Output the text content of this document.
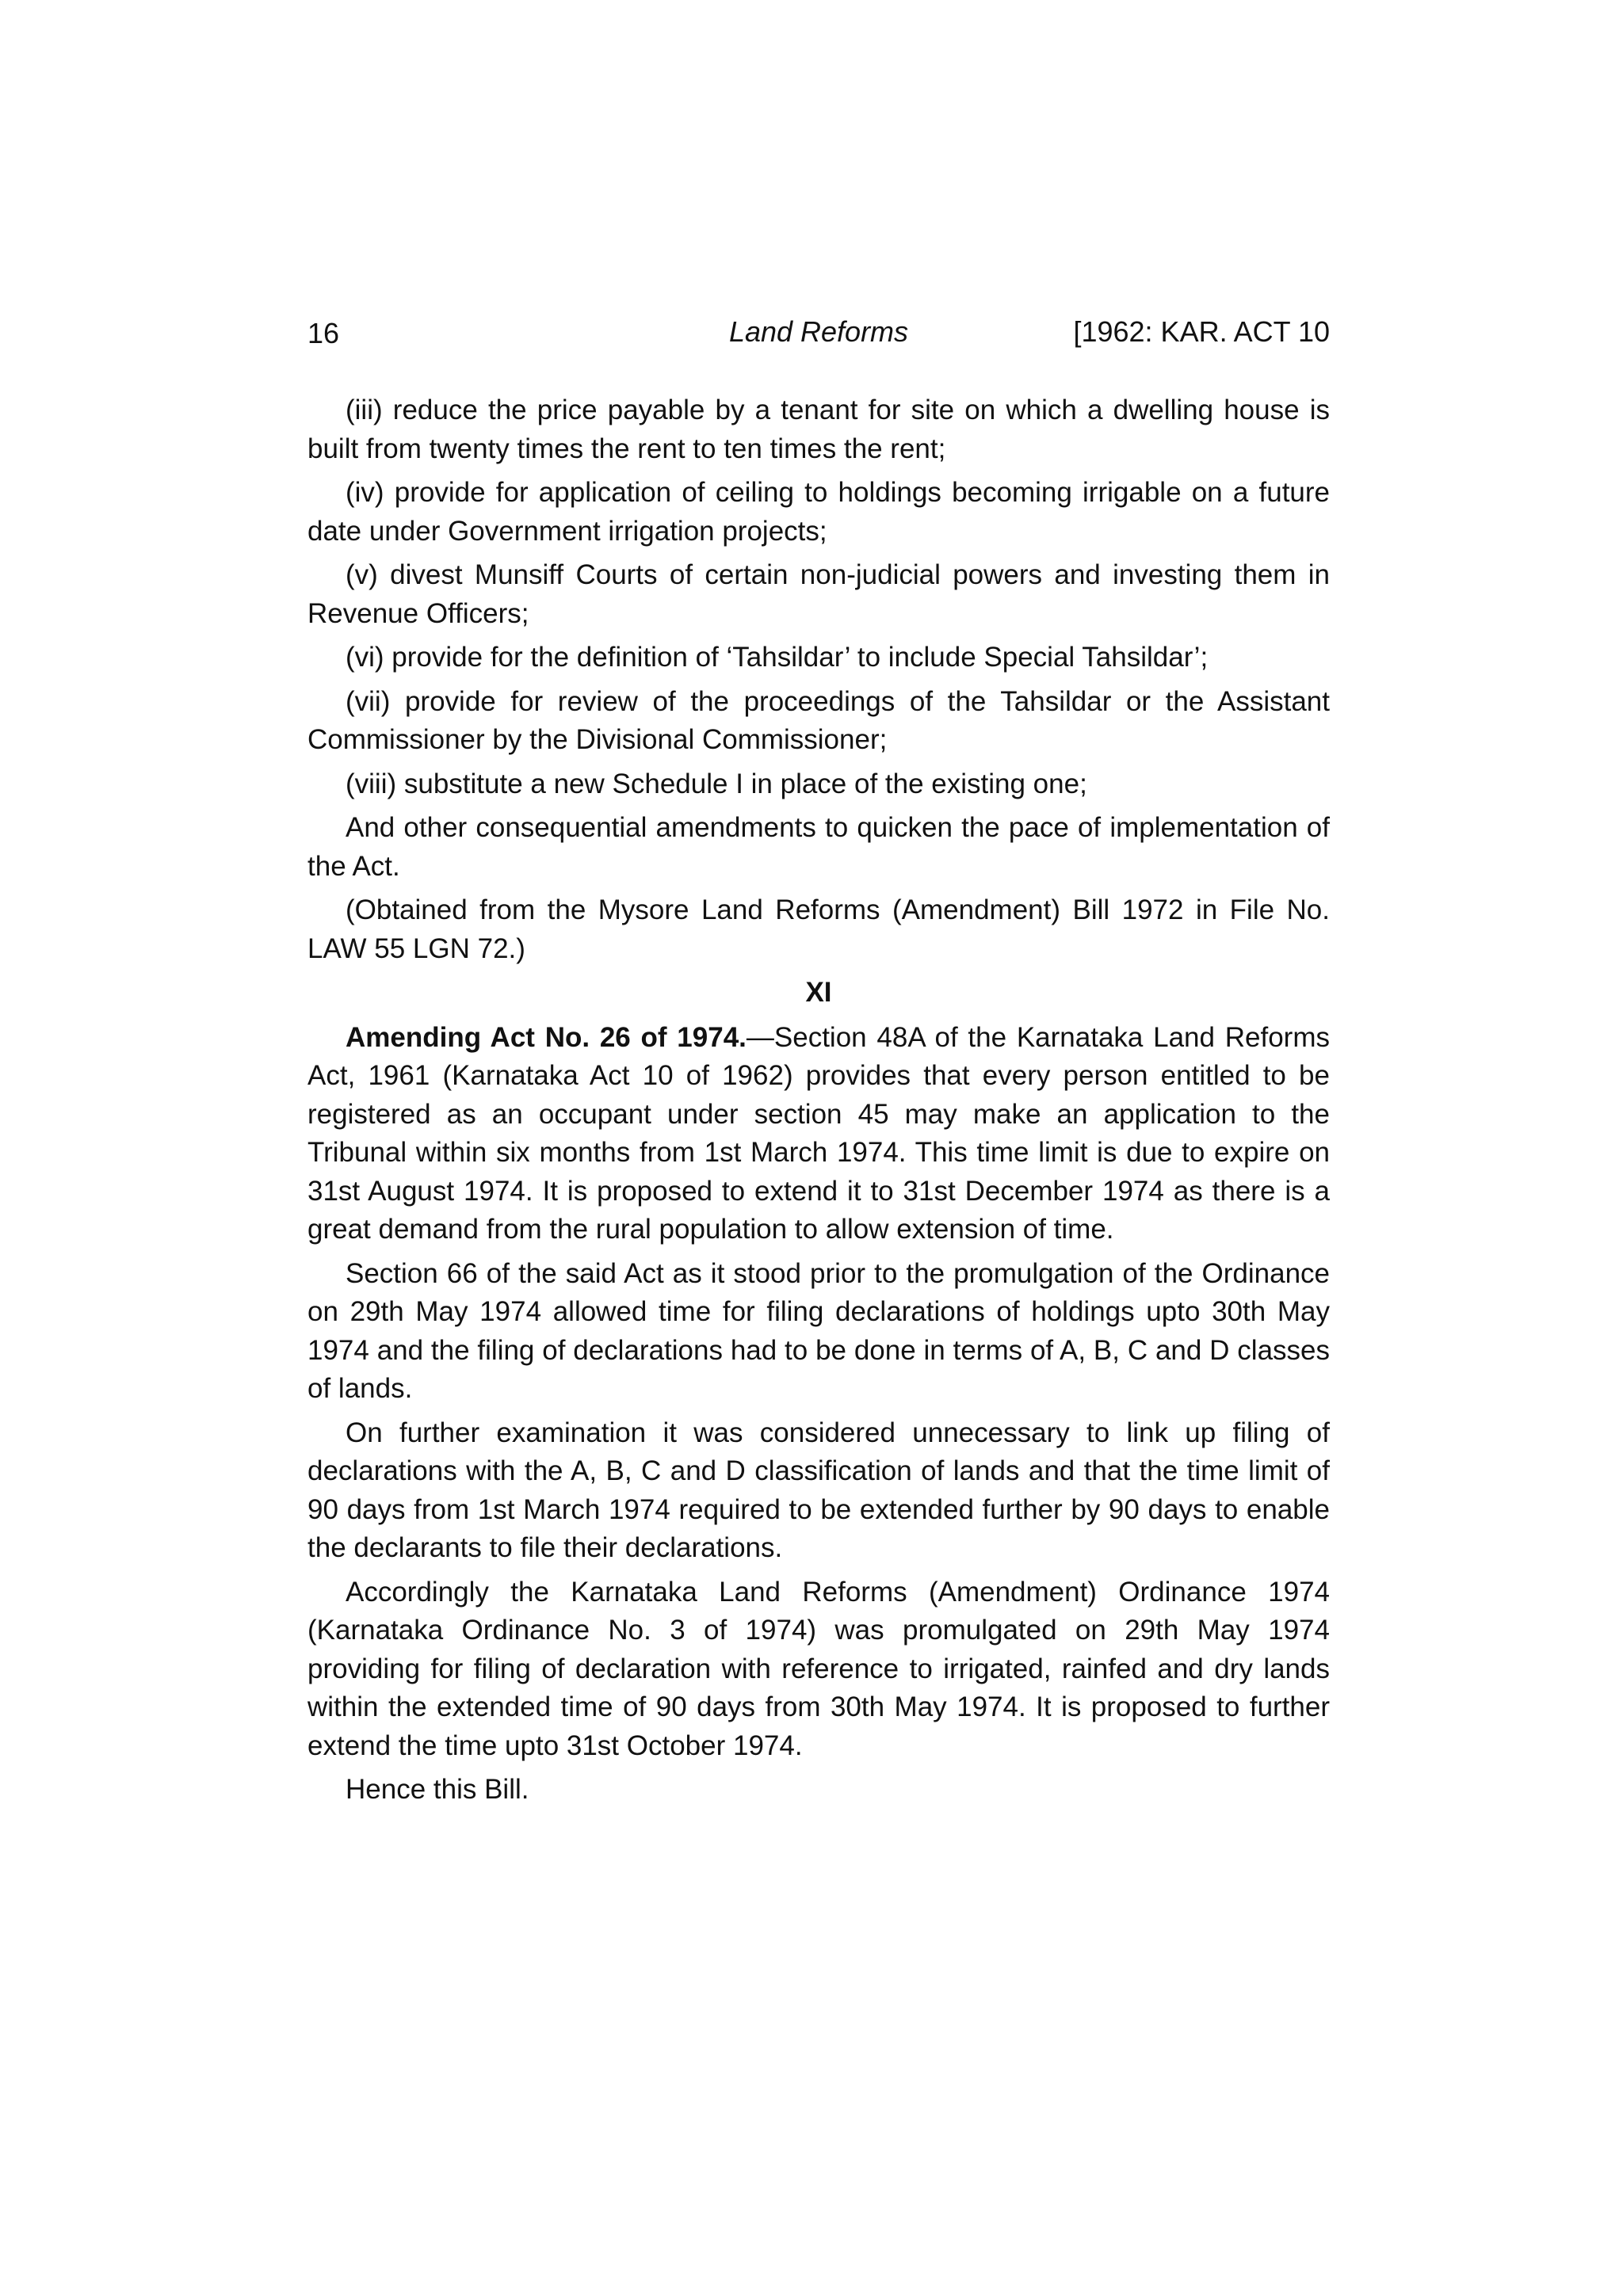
16	Land Reforms	[1962: KAR. ACT 10

(iii) reduce the price payable by a tenant for site on which a dwelling house is built from twenty times the rent to ten times the rent;

(iv) provide for application of ceiling to holdings becoming irrigable on a future date under Government irrigation projects;

(v) divest Munsiff Courts of certain non-judicial powers and investing them in Revenue Officers;

(vi) provide for the definition of ‘Tahsildar’ to include Special Tahsildar’;

(vii) provide for review of the proceedings of the Tahsildar or the Assistant Commissioner by the Divisional Commissioner;

(viii) substitute a new Schedule I in place of the existing one;

And other consequential amendments to quicken the pace of implementation of the Act.

(Obtained from the Mysore Land Reforms (Amendment) Bill 1972 in File No. LAW 55 LGN 72.)

XI

Amending Act No. 26 of 1974.—Section 48A of the Karnataka Land Reforms Act, 1961 (Karnataka Act 10 of 1962) provides that every person entitled to be registered as an occupant under section 45 may make an application to the Tribunal within six months from 1st March 1974. This time limit is due to expire on 31st August 1974. It is proposed to extend it to 31st December 1974 as there is a great demand from the rural population to allow extension of time.

Section 66 of the said Act as it stood prior to the promulgation of the Ordinance on 29th May 1974 allowed time for filing declarations of holdings upto 30th May 1974 and the filing of declarations had to be done in terms of A, B, C and D classes of lands.

On further examination it was considered unnecessary to link up filing of declarations with the A, B, C and D classification of lands and that the time limit of 90 days from 1st March 1974 required to be extended further by 90 days to enable the declarants to file their declarations.

Accordingly the Karnataka Land Reforms (Amendment) Ordinance 1974 (Karnataka Ordinance No. 3 of 1974) was promulgated on 29th May 1974 providing for filing of declaration with reference to irrigated, rainfed and dry lands within the extended time of 90 days from 30th May 1974. It is proposed to further extend the time upto 31st October 1974.

Hence this Bill.
